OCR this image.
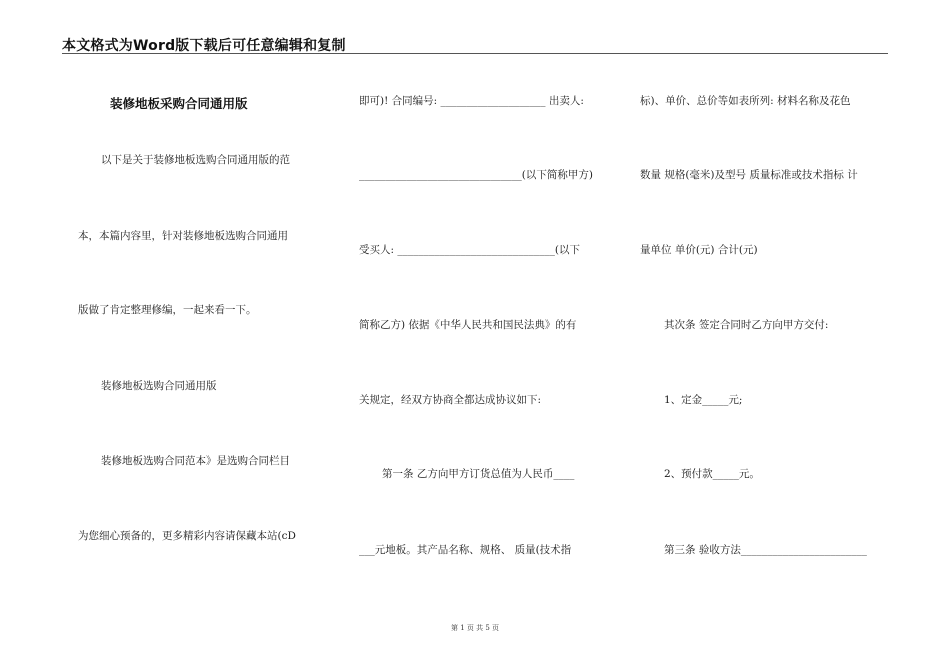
本文格式为Word版下载后可任意编辑和复制
装修地板采购合同通用版
以下是关于装修地板选购合同通用版的范
本，本篇内容里，针对装修地板选购合同通用
版做了肯定整理修编，一起来看一下。
装修地板选购合同通用版
装修地板选购合同范本》是选购合同栏目
为您细心预备的，更多精彩内容请保藏本站(cD
即可)! 合同编号: ____________________ 出卖人:
_______________________________(以下简称甲方)
受买人: ______________________________(以下
简称乙方) 依据《中华人民共和国民法典》的有
关规定，经双方协商全都达成协议如下:
第一条 乙方向甲方订货总值为人民币____
___元地板。其产品名称、规格、 质量(技术指
标)、单价、总价等如表所列: 材料名称及花色
数量 规格(毫米)及型号 质量标准或技术指标 计
量单位 单价(元) 合计(元)
其次条 签定合同时乙方向甲方交付:
1、定金_____元;
2、预付款_____元。
第三条 验收方法________________________
第 1 页 共 5 页
